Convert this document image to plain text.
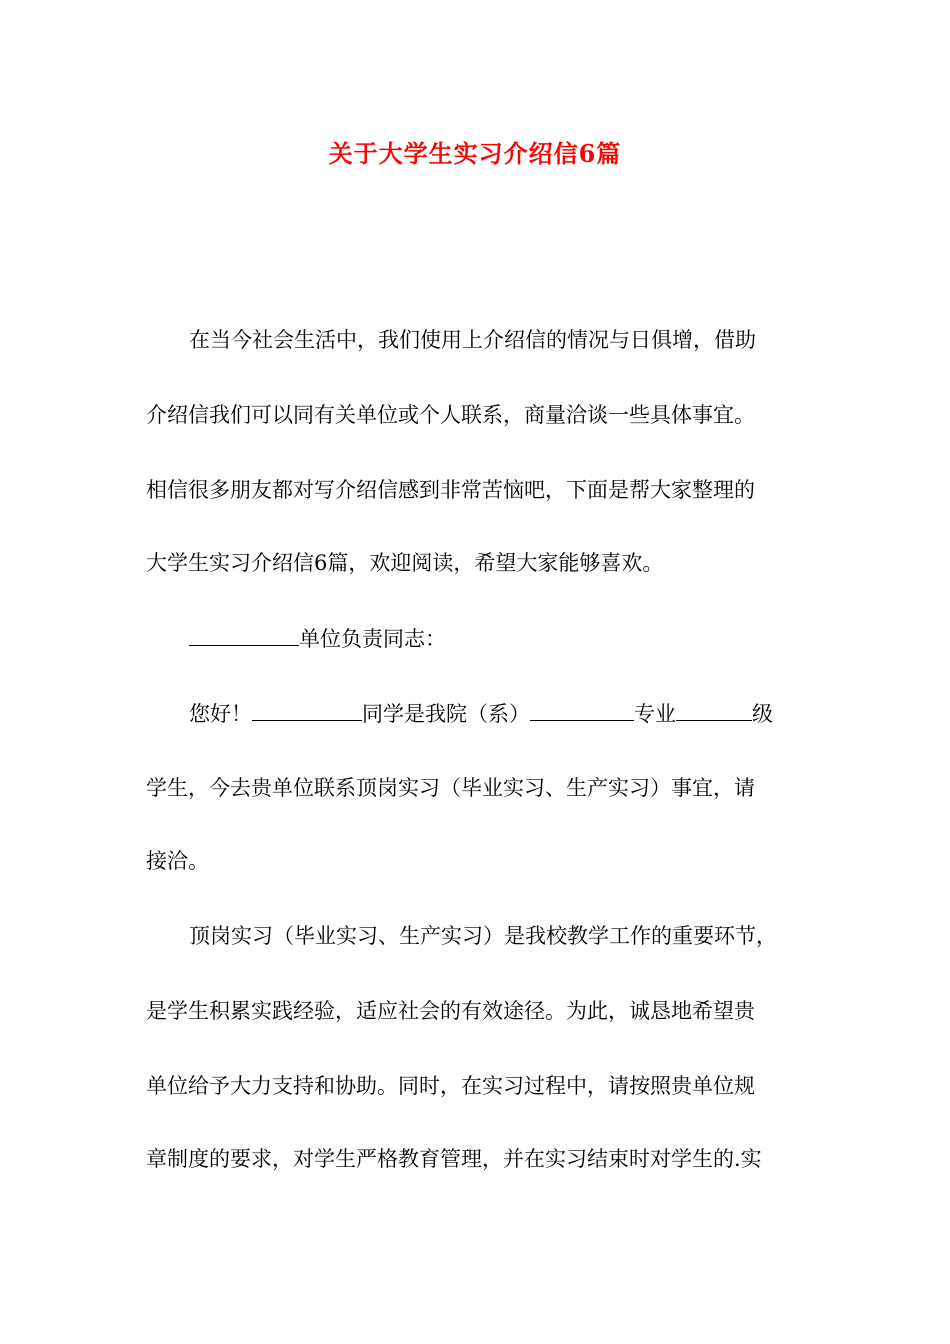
关于大学生实习介绍信6篇
在当今社会生活中，我们使用上介绍信的情况与日俱增，借助
介绍信我们可以同有关单位或个人联系，商量洽谈一些具体事宜。
相信很多朋友都对写介绍信感到非常苦恼吧，下面是帮大家整理的
大学生实习介绍信6篇，欢迎阅读，希望大家能够喜欢。
单位负责同志：
您好！	同学是我院（系）	专业	级
学生，今去贵单位联系顶岗实习（毕业实习、生产实习）事宜，请
接洽。
顶岗实习（毕业实习、生产实习）是我校教学工作的重要环节，
是学生积累实践经验，适应社会的有效途径。为此，诚恳地希望贵
单位给予大力支持和协助。同时，在实习过程中，请按照贵单位规
章制度的要求，对学生严格教育管理，并在实习结束时对学生的.实
